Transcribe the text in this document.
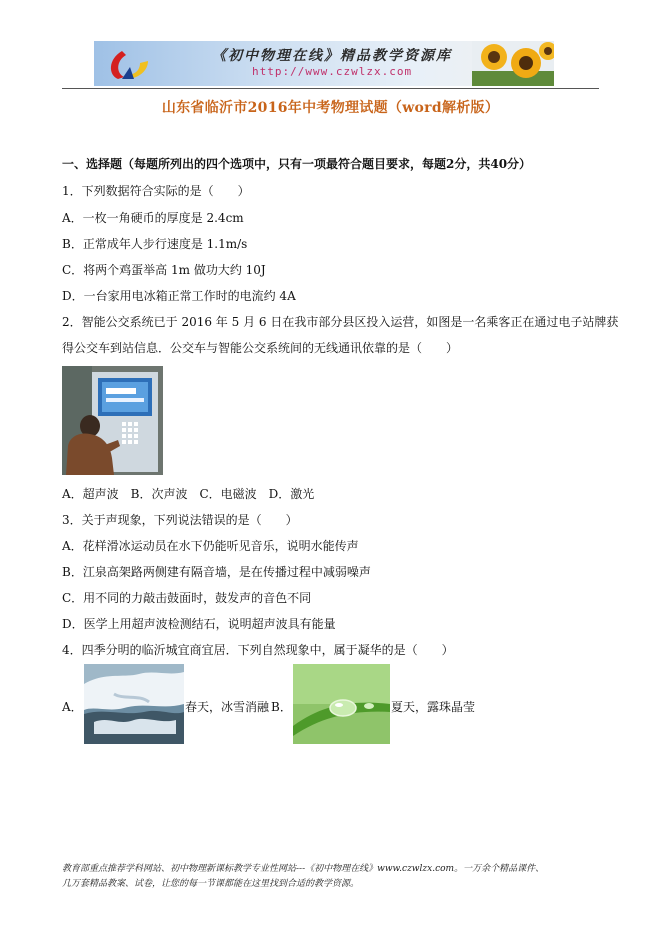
《初中物理在线》精品教学资源库
http://www.czwlzx.com
山东省临沂市2016年中考物理试题（word解析版）
一、选择题（每题所列出的四个选项中，只有一项最符合题目要求，每题2分，共40分）
1．下列数据符合实际的是（　　）
A．一枚一角硬币的厚度是 2.4cm
B．正常成年人步行速度是 1.1m/s
C．将两个鸡蛋举高 1m 做功大约 10J
D．一台家用电冰箱正常工作时的电流约 4A
2．智能公交系统已于 2016 年 5 月 6 日在我市部分县区投入运营，如图是一名乘客正在通过电子站牌获
得公交车到站信息．公交车与智能公交系统间的无线通讯依靠的是（　　）
A．超声波　B．次声波　C．电磁波　D．激光
3．关于声现象，下列说法错误的是（　　）
A．花样滑冰运动员在水下仍能听见音乐，说明水能传声
B．江泉高架路两侧建有隔音墙，是在传播过程中减弱噪声
C．用不同的力敲击鼓面时，鼓发声的音色不同
D．医学上用超声波检测结石，说明超声波具有能量
4．四季分明的临沂城宜商宜居．下列自然现象中，属于凝华的是（　　）
A．	春天，冰雪消融 B．	夏天，露珠晶莹
教育部重点推荐学科网站、初中物理新课标教学专业性网站---《初中物理在线》www.czwlzx.com。一万余个精品课件、
几万套精品教案、试卷，让您的每一节课都能在这里找到合适的教学资源。
